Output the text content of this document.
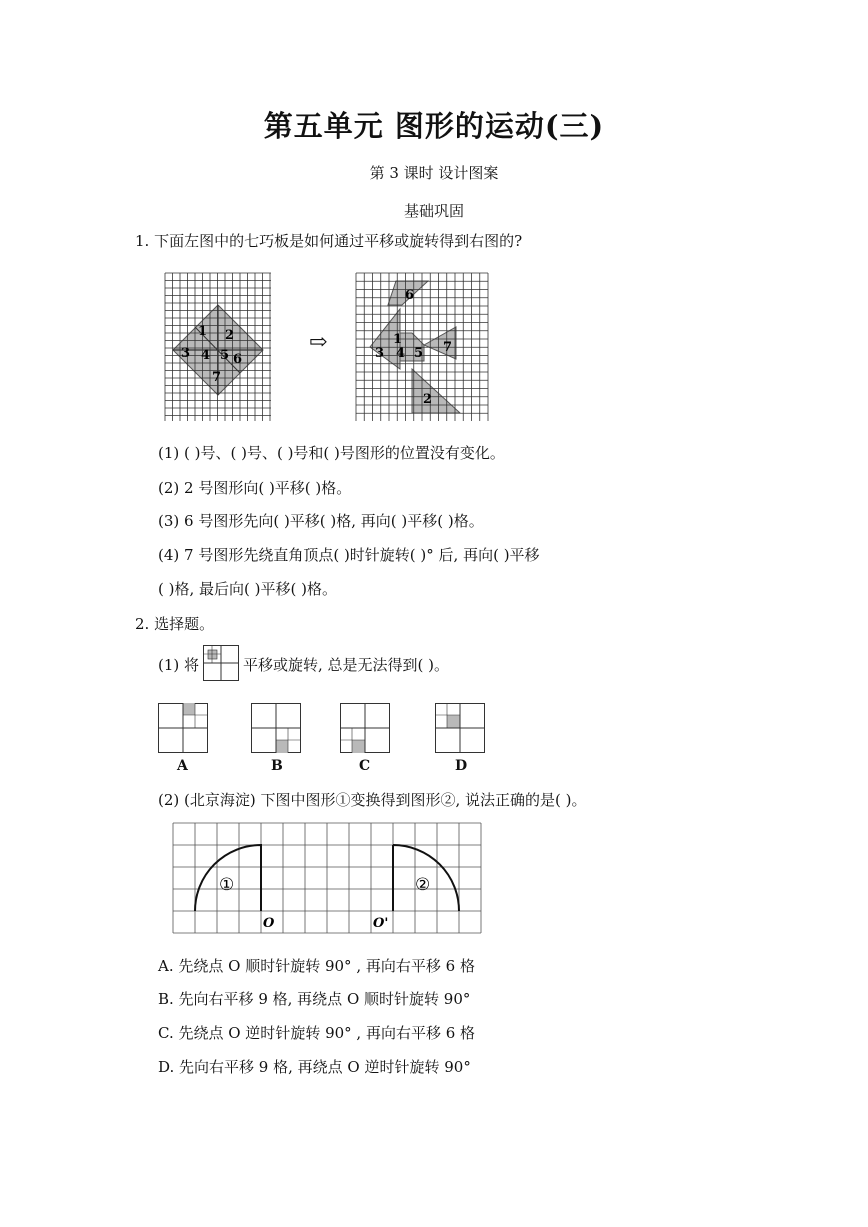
第五单元 图形的运动(三)
第 3 课时 设计图案
基础巩固
1. 下面左图中的七巧板是如何通过平移或旋转得到右图的?
1 2
3 4 5 6
7
⇨	1
2
3 4 5
6
7
(1) ( )号、( )号、( )号和( )号图形的位置没有变化。
(2) 2 号图形向( )平移( )格。
(3) 6 号图形先向( )平移( )格, 再向( )平移( )格。
(4) 7 号图形先绕直角顶点( )时针旋转( )° 后, 再向( )平移
( )格, 最后向( )平移( )格。
2. 选择题。
(1) 将	平移或旋转, 总是无法得到( )。
A	B	C	D
(2) (北京海淀) 下图中图形①变换得到图形②, 说法正确的是( )。
①	②
O	O'
A. 先绕点 O 顺时针旋转 90° , 再向右平移 6 格
B. 先向右平移 9 格, 再绕点 O 顺时针旋转 90°
C. 先绕点 O 逆时针旋转 90° , 再向右平移 6 格
D. 先向右平移 9 格, 再绕点 O 逆时针旋转 90°
